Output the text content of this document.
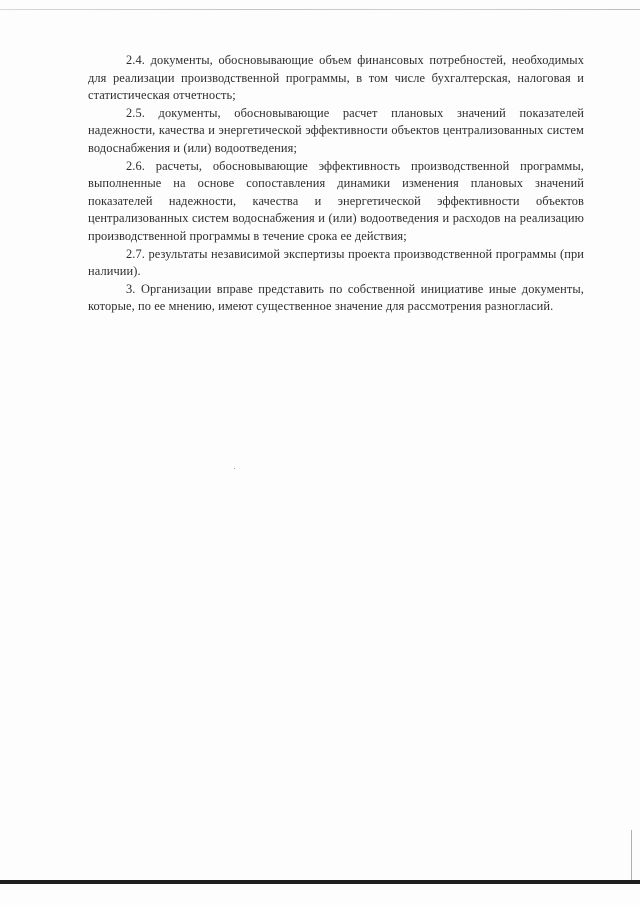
2.4. документы, обосновывающие объем финансовых потребностей, необходимых для реализации производственной программы, в том числе бухгалтерская, налоговая и статистическая отчетность;

2.5. документы, обосновывающие расчет плановых значений показателей надежности, качества и энергетической эффективности объектов централизованных систем водоснабжения и (или) водоотведения;

2.6. расчеты, обосновывающие эффективность производственной программы, выполненные на основе сопоставления динамики изменения плановых значений показателей надежности, качества и энергетической эффективности объектов централизованных систем водоснабжения и (или) водоотведения и расходов на реализацию производственной программы в течение срока ее действия;

2.7. результаты независимой экспертизы проекта производственной программы (при наличии).

3. Организации вправе представить по собственной инициативе иные документы, которые, по ее мнению, имеют существенное значение для рассмотрения разногласий.
